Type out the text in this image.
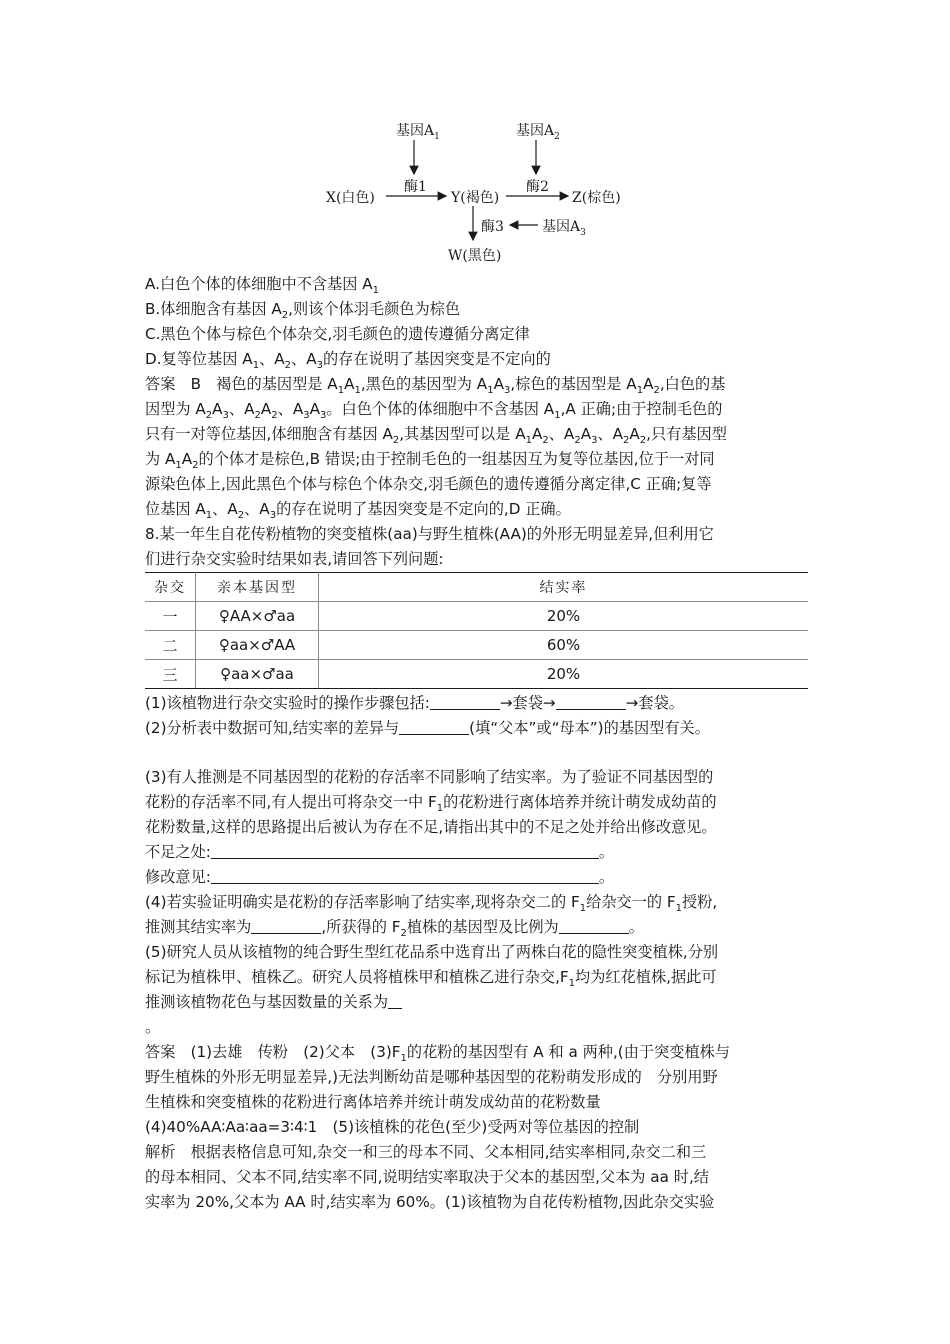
基因$A_1$	基因$A_2$
酶1	酶2
X(白色)	Y(褐色)	Z(棕色)
酶3	基因$A_3$
W(黑色)
A.白色个体的体细胞中不含基因 $A_1$
B.体细胞含有基因 $A_2$,则该个体羽毛颜色为棕色
C.黑色个体与棕色个体杂交,羽毛颜色的遗传遵循分离定律
D.复等位基因 $A_1$、$A_2$、$A_3$的存在说明了基因突变是不定向的
答案　B　褐色的基因型是 $A_1A_1$,黑色的基因型为 $A_1A_3$,棕色的基因型是 $A_1A_2$,白色的基
因型为 $A_2A_3$、$A_2A_2$、$A_3A_3$。白色个体的体细胞中不含基因 $A_1,A$ 正确;由于控制毛色的
只有一对等位基因,体细胞含有基因 $A_2$,其基因型可以是 $A_1A_2$、$A_2A_3$、$A_2A_2$,只有基因型
为 $A_1A_2$的个体才是棕色,B 错误;由于控制毛色的一组基因互为复等位基因,位于一对同
源染色体上,因此黑色个体与棕色个体杂交,羽毛颜色的遗传遵循分离定律,C 正确;复等
位基因 $A_1$、$A_2$、$A_3$的存在说明了基因突变是不定向的,D 正确。
8.某一年生自花传粉植物的突变植株(aa)与野生植株(AA)的外形无明显差异,但利用它
们进行杂交实验时结果如表,请回答下列问题:
杂交	亲本基因型	结实率
一	♀AA×♂aa	20%
二	♀aa×♂AA	60%
三	♀aa×♂aa	20%
(1)该植物进行杂交实验时的操作步骤包括:	→套袋→	→套袋。
(2)分析表中数据可知,结实率的差异与	(填“父本”或“母本”)的基因型有关。
(3)有人推测是不同基因型的花粉的存活率不同影响了结实率。为了验证不同基因型的
花粉的存活率不同,有人提出可将杂交一中 $F_1$的花粉进行离体培养并统计萌发成幼苗的
花粉数量,这样的思路提出后被认为存在不足,请指出其中的不足之处并给出修改意见。
不足之处:	。
修改意见:	。
(4)若实验证明确实是花粉的存活率影响了结实率,现将杂交二的 $F_1$给杂交一的 $F_1$授粉,
推测其结实率为	,所获得的 $F_2$植株的基因型及比例为	。
(5)研究人员从该植物的纯合野生型红花品系中选育出了两株白花的隐性突变植株,分别
标记为植株甲、植株乙。研究人员将植株甲和植株乙进行杂交$,F_1$均为红花植株,据此可
推测该植物花色与基因数量的关系为
。
答案　(1)去雄　传粉　(2)父本　$(3)F_1$的花粉的基因型有 A 和 a 两种,(由于突变植株与
野生植株的外形无明显差异,)无法判断幼苗是哪种基因型的花粉萌发形成的　分别用野
生植株和突变植株的花粉进行离体培养并统计萌发成幼苗的花粉数量
(4)40%AA∶Aa∶aa=3∶4∶1　(5)该植株的花色(至少)受两对等位基因的控制
解析　根据表格信息可知,杂交一和三的母本不同、父本相同,结实率相同,杂交二和三
的母本相同、父本不同,结实率不同,说明结实率取决于父本的基因型,父本为 aa 时,结
实率为 20%,父本为 AA 时,结实率为 60%。(1)该植物为自花传粉植物,因此杂交实验
